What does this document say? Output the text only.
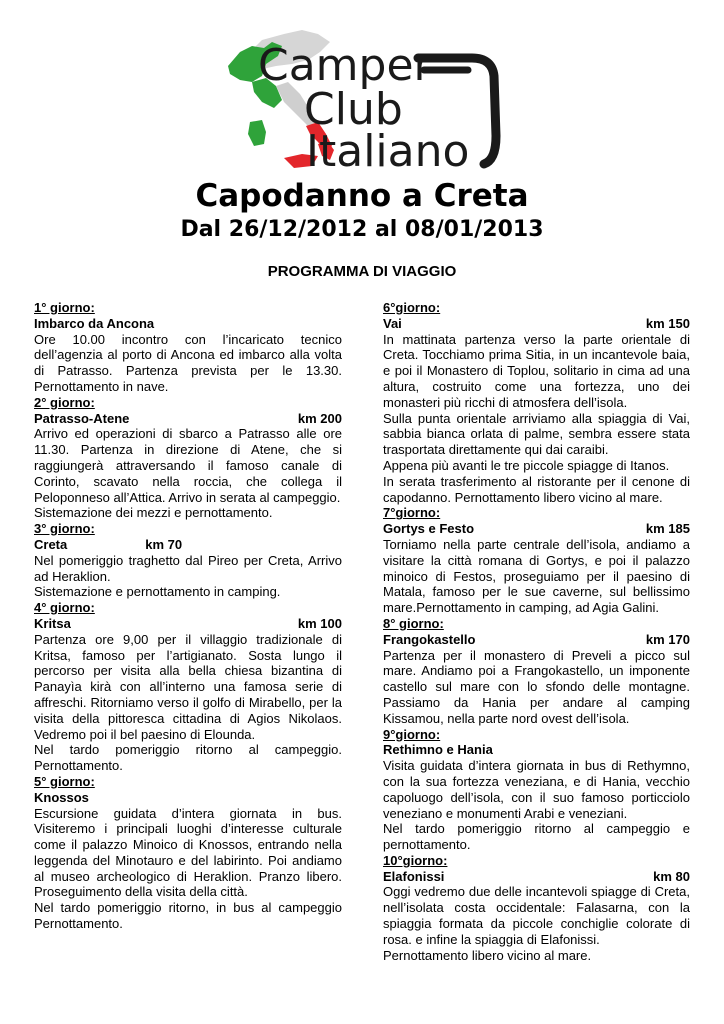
Camper
Club
Italiano
Capodanno a Creta
Dal 26/12/2012 al 08/01/2013
PROGRAMMA DI VIAGGIO
1° giorno:
Imbarco da Ancona

Ore 10.00 incontro con l’incaricato tecnico dell’agenzia al porto di Ancona ed imbarco alla volta di Patrasso. Partenza prevista per le 13.30. Pernottamento in nave.

2° giorno:
Patrasso-Atene	km 200

Arrivo ed operazioni di sbarco a Patrasso alle ore 11.30. Partenza in direzione di Atene, che si raggiungerà attraversando il famoso canale di Corinto, scavato nella roccia, che collega il Peloponneso all’Attica. Arrivo in serata al campeggio.

Sistemazione dei mezzi e pernottamento.

3° giorno:
Creta	km 70

Nel pomeriggio traghetto dal Pireo per Creta, Arrivo ad Heraklion.

Sistemazione e pernottamento in camping.

4° giorno:
Kritsa	km 100

Partenza ore 9,00 per il villaggio tradizionale di Kritsa, famoso per l’artigianato. Sosta lungo il percorso per visita alla bella chiesa bizantina di Panayìa kirà con all’interno una famosa serie di affreschi. Ritorniamo verso il golfo di Mirabello, per la visita della pittoresca cittadina di Agios Nikolaos. Vedremo poi il bel paesino di Elounda.

Nel tardo pomeriggio ritorno al campeggio. Pernottamento.

5° giorno:
Knossos

Escursione guidata d’intera giornata in bus. Visiteremo i principali luoghi d’interesse culturale come il palazzo Minoico di Knossos, entrando nella leggenda del Minotauro e del labirinto. Poi andiamo al museo archeologico di Heraklion. Pranzo libero. Proseguimento della visita della città.

Nel tardo pomeriggio ritorno, in bus al campeggio Pernottamento.

6°giorno:
Vai	km 150

In mattinata partenza verso la parte orientale di Creta. Tocchiamo prima Sitia, in un incantevole baia, e poi il Monastero di Toplou, solitario in cima ad una altura, costruito come una fortezza, uno dei monasteri più ricchi di atmosfera dell’isola.

Sulla punta orientale arriviamo alla spiaggia di Vai, sabbia bianca orlata di palme, sembra essere stata trasportata direttamente qui dai caraibi.

Appena più avanti le tre piccole spiagge di Itanos.

In serata trasferimento al ristorante per il cenone di capodanno. Pernottamento libero vicino al mare.

7°giorno:
Gortys e Festo	km 185

Torniamo nella parte centrale dell’isola, andiamo a visitare la città romana di Gortys, e poi il palazzo minoico di Festos, proseguiamo per il paesino di Matala, famoso per le sue caverne, sul bellissimo mare.Pernottamento in camping, ad Agia Galini.

8° giorno:
Frangokastello	km 170

Partenza per il monastero di Preveli a picco sul mare. Andiamo poi a Frangokastello, un imponente castello sul mare con lo sfondo delle montagne. Passiamo da Hania per andare al camping Kissamou, nella parte nord ovest dell’isola.

9°giorno:
Rethimno e Hania

Visita guidata d’intera giornata in bus di Rethymno, con la sua fortezza veneziana, e di Hania, vecchio capoluogo dell’isola, con il suo famoso porticciolo veneziano e monumenti Arabi e veneziani.

Nel tardo pomeriggio ritorno al campeggio e pernottamento.

10°giorno:
Elafonissi	km 80

Oggi vedremo due delle incantevoli spiagge di Creta, nell’isolata costa occidentale: Falasarna, con la spiaggia formata da piccole conchiglie colorate di rosa. e infine la spiaggia di Elafonissi.

Pernottamento libero vicino al mare.
